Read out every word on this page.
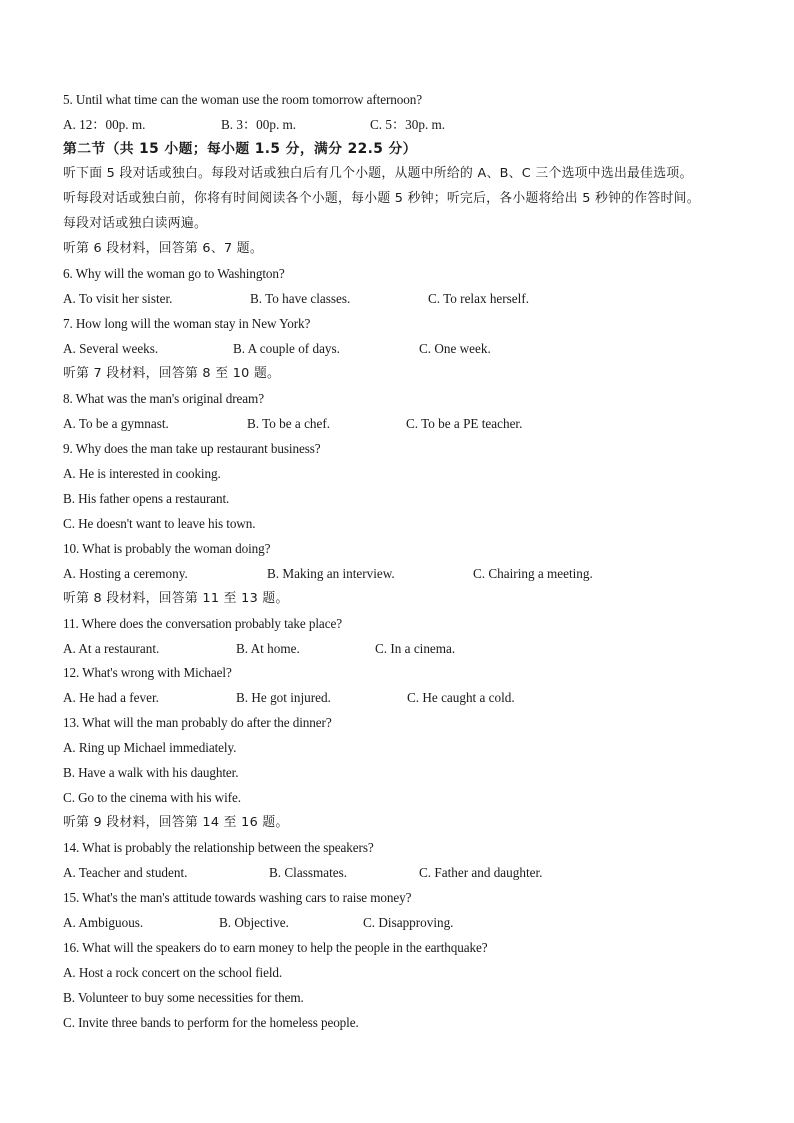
5. Until what time can the woman use the room tomorrow afternoon?
A. 12：00p. m.	B. 3：00p. m.	C. 5：30p. m.
第二节（共 15 小题；每小题 1.5 分，满分 22.5 分）
听下面 5 段对话或独白。每段对话或独白后有几个小题，从题中所给的 A、B、C 三个选项中选出最佳选项。
听每段对话或独白前，你将有时间阅读各个小题，每小题 5 秒钟；听完后，各小题将给出 5 秒钟的作答时间。
每段对话或独白读两遍。
听第 6 段材料，回答第 6、7 题。
6. Why will the woman go to Washington?
A. To visit her sister.	B. To have classes.	C. To relax herself.
7. How long will the woman stay in New York?
A. Several weeks.	B. A couple of days.	C. One week.
听第 7 段材料，回答第 8 至 10 题。
8. What was the man's original dream?
A. To be a gymnast.	B. To be a chef.	C. To be a PE teacher.
9. Why does the man take up restaurant business?
A. He is interested in cooking.
B. His father opens a restaurant.
C. He doesn't want to leave his town.
10. What is probably the woman doing?
A. Hosting a ceremony.	B. Making an interview.	C. Chairing a meeting.
听第 8 段材料，回答第 11 至 13 题。
11. Where does the conversation probably take place?
A. At a restaurant.	B. At home.	C. In a cinema.
12. What's wrong with Michael?
A. He had a fever.	B. He got injured.	C. He caught a cold.
13. What will the man probably do after the dinner?
A. Ring up Michael immediately.
B. Have a walk with his daughter.
C. Go to the cinema with his wife.
听第 9 段材料，回答第 14 至 16 题。
14. What is probably the relationship between the speakers?
A. Teacher and student.	B. Classmates.	C. Father and daughter.
15. What's the man's attitude towards washing cars to raise money?
A. Ambiguous.	B. Objective.	C. Disapproving.
16. What will the speakers do to earn money to help the people in the earthquake?
A. Host a rock concert on the school field.
B. Volunteer to buy some necessities for them.
C. Invite three bands to perform for the homeless people.
